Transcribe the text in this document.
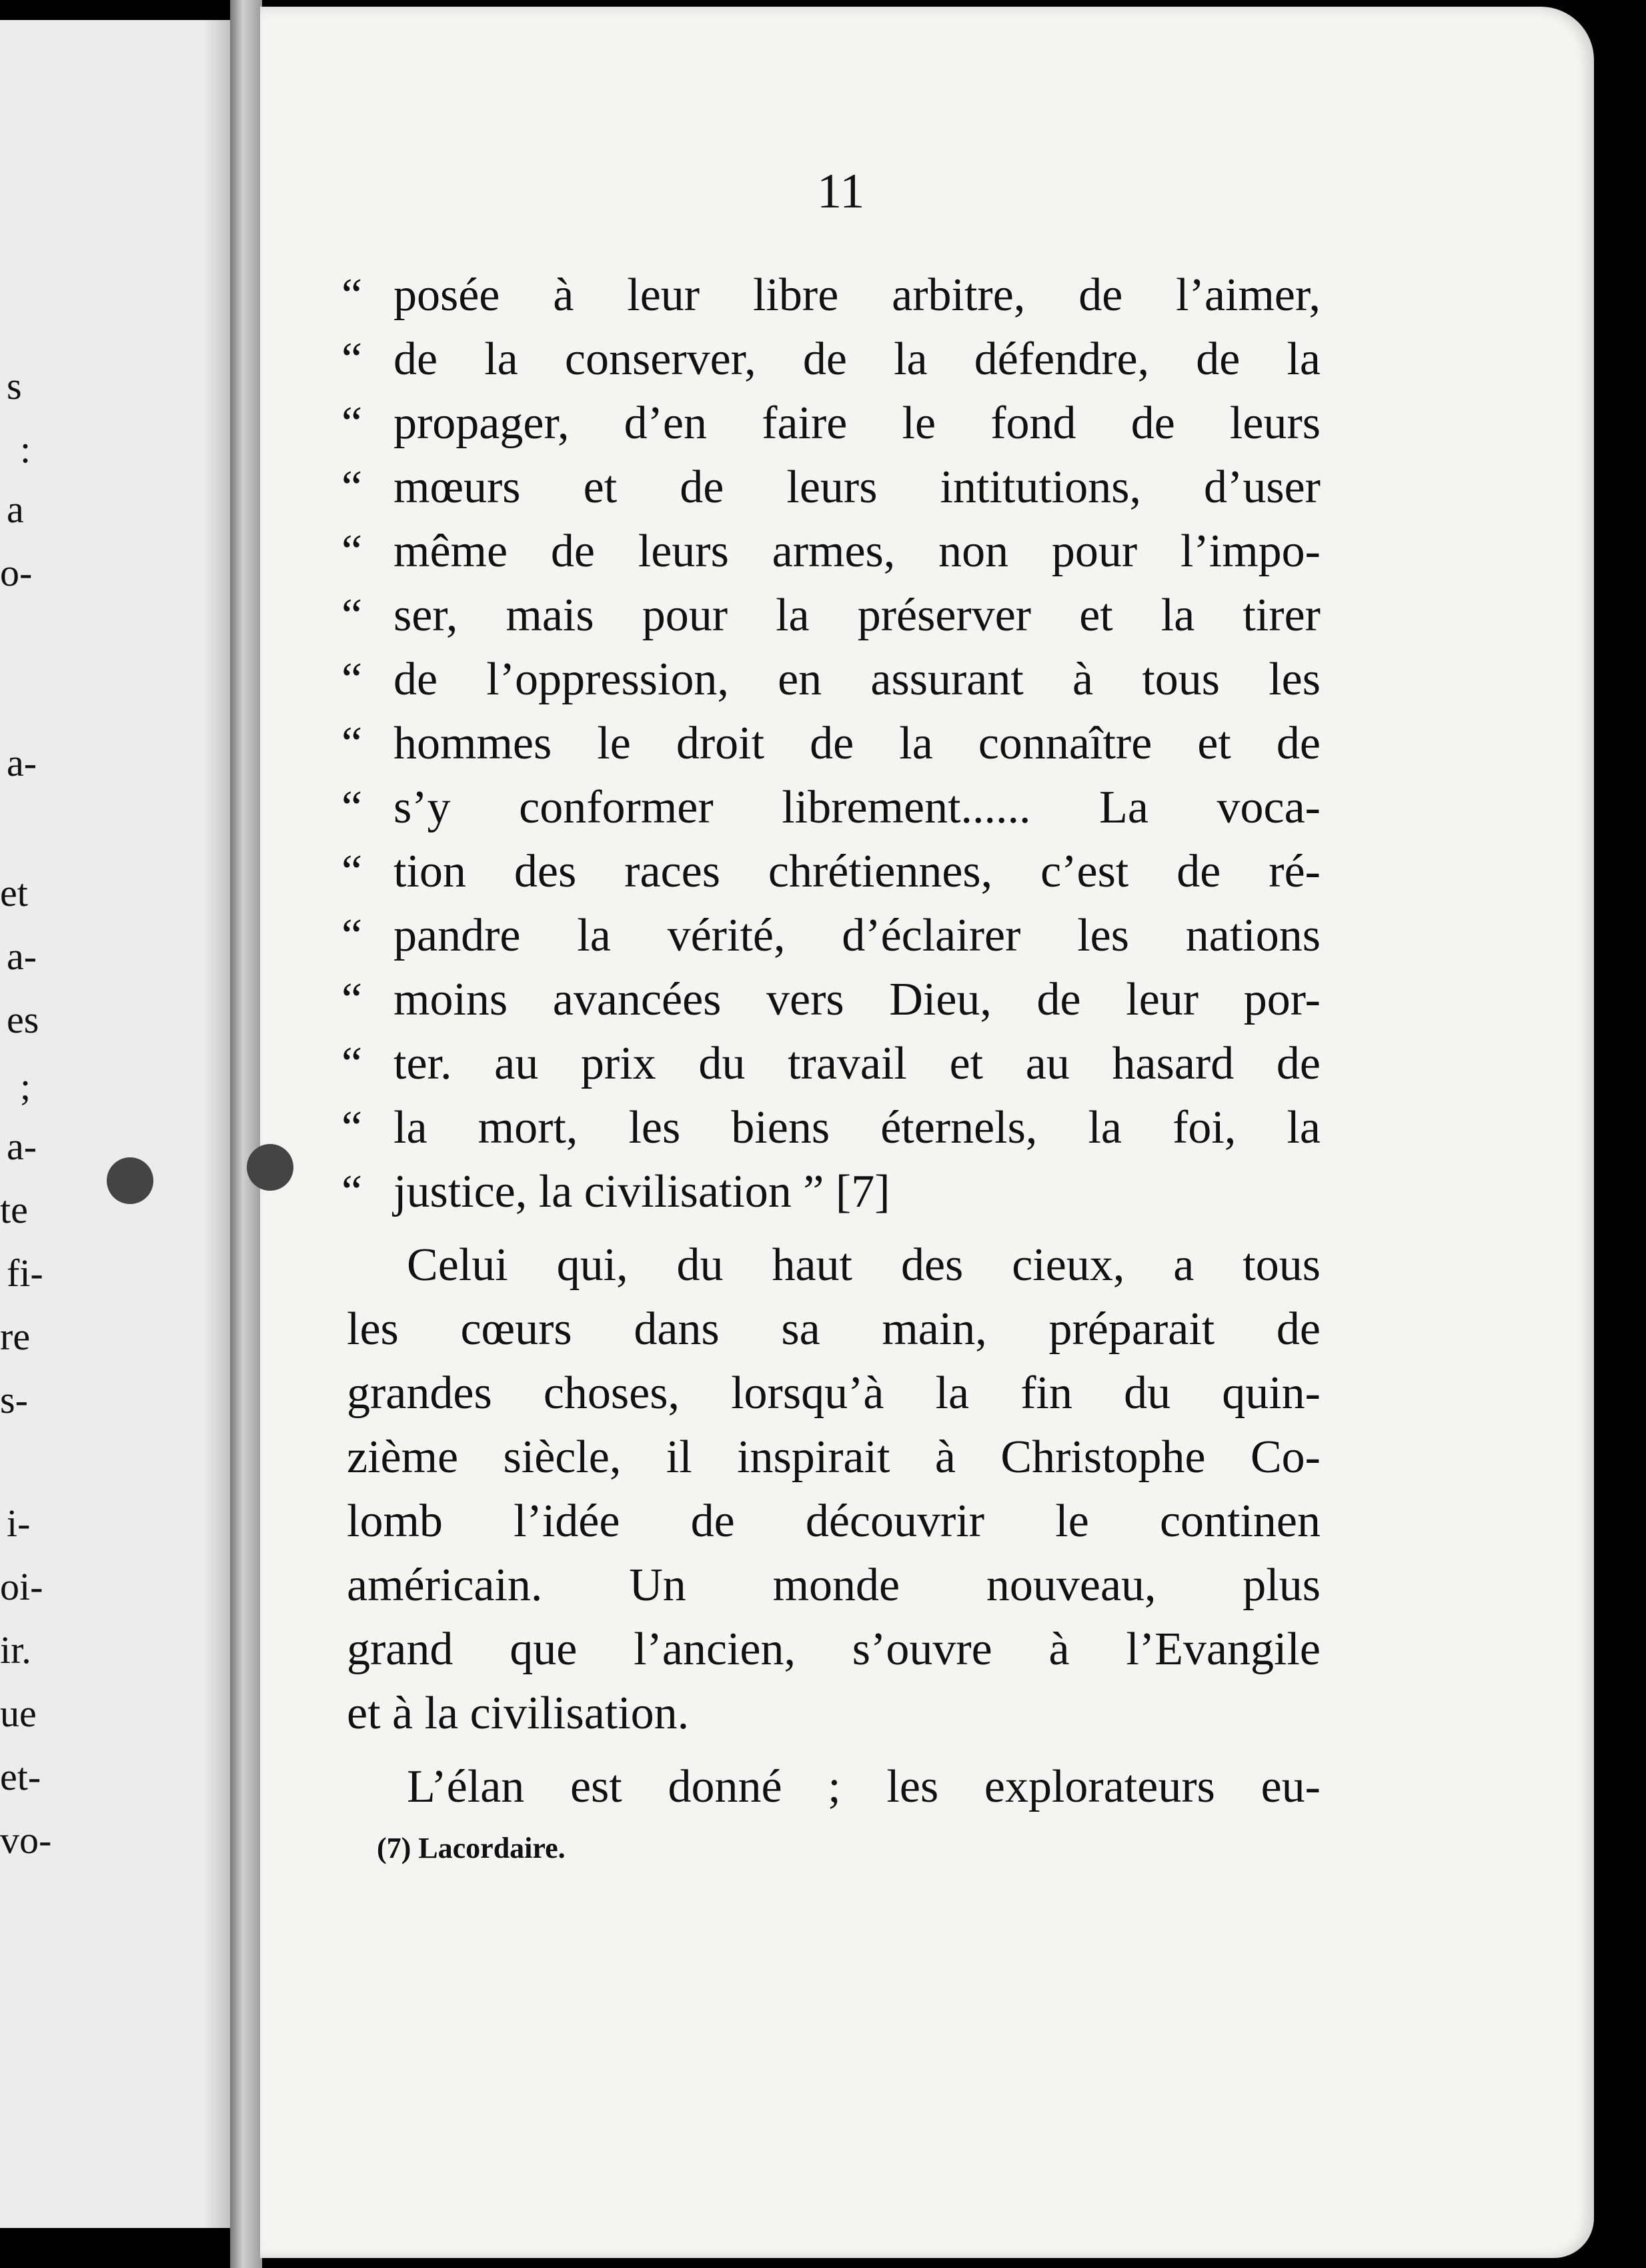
s
:
a
o-
a-
et
a-
es
;
a-
te
fi-
re
s-
i-
oi-
ir.
ue
et-
vo-
11
“ posée à leur libre arbitre, de l’aimer,
“ de la conserver, de la défendre, de la
“ propager, d’en faire le fond de leurs
“ mœurs et de leurs intitutions, d’user
“ même de leurs armes, non pour l’impo-
“ ser, mais pour la préserver et la tirer
“ de l’oppression, en assurant à tous les
“ hommes le droit de la connaître et de
“ s’y conformer librement...... La voca-
“ tion des races chrétiennes, c’est de ré-
“ pandre la vérité, d’éclairer les nations
“ moins avancées vers Dieu, de leur por-
“ ter. au prix du travail et au hasard de
“ la mort, les biens éternels, la foi, la
“ justice, la civilisation ” [7]
Celui qui, du haut des cieux, a tous
les cœurs dans sa main, préparait de
grandes choses, lorsqu’à la fin du quin-
zième siècle, il inspirait à Christophe Co-
lomb l’idée de découvrir le continen
américain. Un monde nouveau, plus
grand que l’ancien, s’ouvre à l’Evangile
et à la civilisation.
L’élan est donné ; les explorateurs eu-
(7) Lacordaire.
